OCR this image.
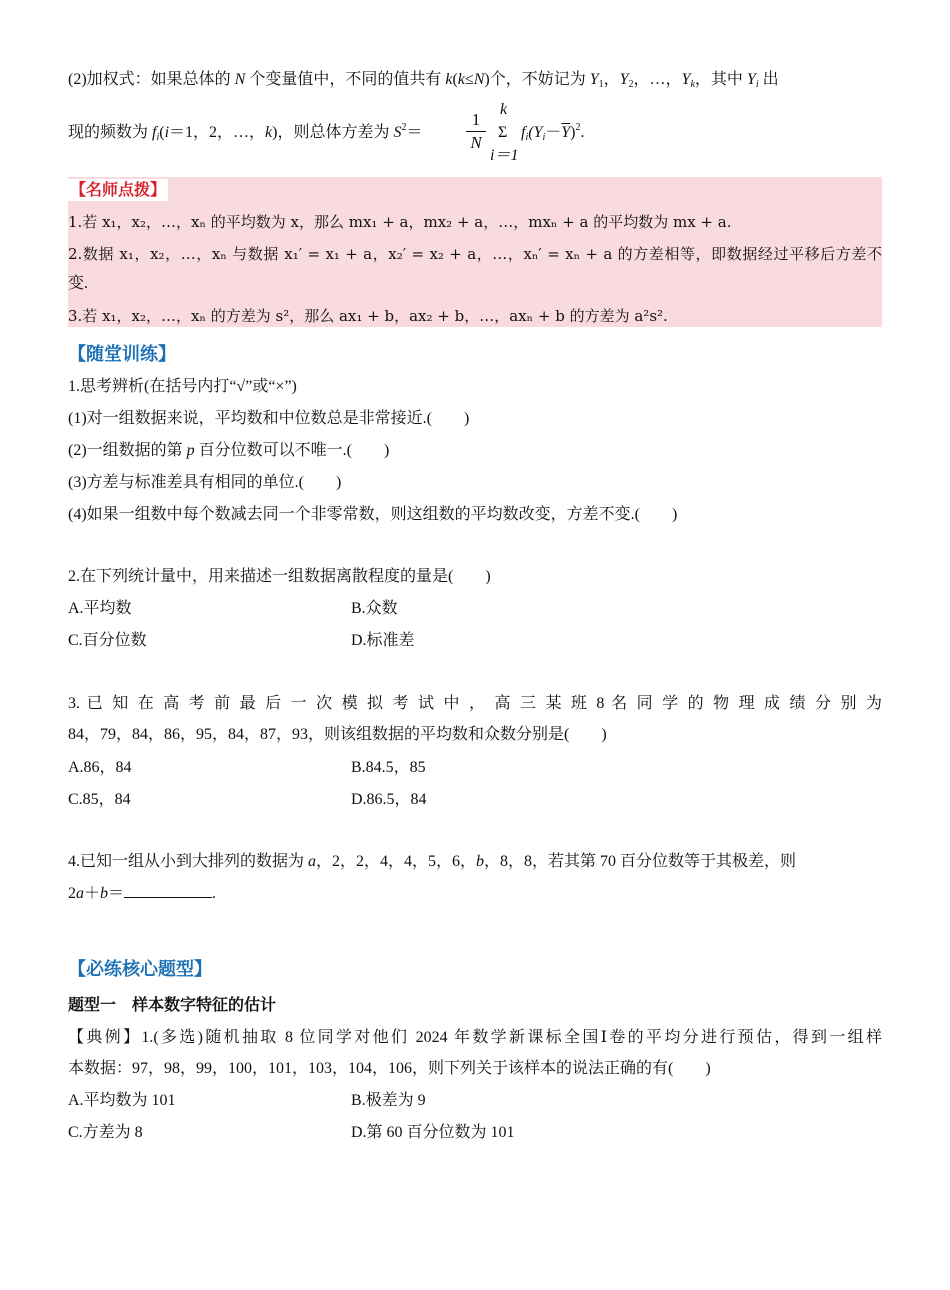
(2)加权式：如果总体的 N 个变量值中，不同的值共有 k(k≤N)个，不妨记为 $Y_1$，$Y_2$，…，$Y_k$，其中 $Y_i$ 出
现的频数为 $f_i(i=1$，2，…，k)，则总体方差为 $S^2=$
1
N
k
Σ
i＝1
$f_i(Y_i-\overline{Y})^2$.
【名师点拨】
1.若 x₁，x₂，…，xₙ 的平均数为 x，那么 mx₁ + a，mx₂ + a，…，mxₙ + a 的平均数为 mx + a.
2.数据 x₁，x₂，…，xₙ 与数据 x₁′ = x₁ + a，x₂′ = x₂ + a，…，xₙ′ = xₙ + a 的方差相等，即数据经过平移后方差不
变.
3.若 x₁，x₂，…，xₙ 的方差为 s²，那么 ax₁ + b，ax₂ + b，…，axₙ + b 的方差为 a²s².
【随堂训练】
1.思考辨析(在括号内打“√”或“×”)
(1)对一组数据来说，平均数和中位数总是非常接近.(　　)
(2)一组数据的第 p 百分位数可以不唯一.(　　)
(3)方差与标准差具有相同的单位.(　　)
(4)如果一组数中每个数减去同一个非零常数，则这组数的平均数改变，方差不变.(　　)
2.在下列统计量中，用来描述一组数据离散程度的量是(　　)
A.平均数	B.众数
C.百分位数	D.标准差
3. 已 知 在 高 考 前 最 后 一 次 模 拟 考 试 中 ， 高 三 某 班 8 名 同 学 的 物 理 成 绩 分 别 为
84，79，84，86，95，84，87，93，则该组数据的平均数和众数分别是(　　)
A.86，84	B.84.5，85
C.85，84	D.86.5，84
4.已知一组从小到大排列的数据为 a，2，2，4，4，5，6，b，8，8，若其第 70 百分位数等于其极差，则
2a＋b＝	.
【必练核心题型】
题型一　样本数字特征的估计
【典例】1.(多选)随机抽取 8 位同学对他们 2024 年数学新课标全国Ⅰ卷的平均分进行预估，得到一组样
本数据：97，98，99，100，101，103，104，106，则下列关于该样本的说法正确的有(　　)
A.平均数为 101	B.极差为 9
C.方差为 8	D.第 60 百分位数为 101
